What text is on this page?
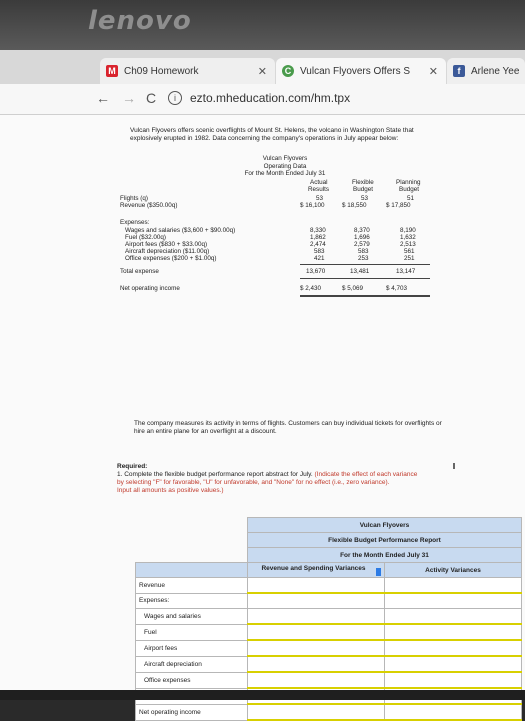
lenovo
M Ch09 Homework	✕	C Vulcan Flyovers Offers S ✕	f	Arlene Yee
← → C	i	ezto.mheducation.com/hm.tpx
Vulcan Flyovers offers scenic overflights of Mount St. Helens, the volcano in Washington State that
explosively erupted in 1982. Data concerning the company's operations in July appear below:
Vulcan Flyovers
Operating Data
For the Month Ended July 31
Actual	Flexible	Planning
Results	Budget	Budget
Flights (q)	53	53	51
Revenue ($350.00q)	$ 16,100	$ 18,550	$ 17,850
Expenses:
Wages and salaries ($3,600 + $90.00q)	8,330	8,370	8,190
Fuel ($32.00q)	1,862	1,696	1,632
Airport fees ($830 + $33.00q)	2,474	2,579	2,513
Aircraft depreciation ($11.00q)	583	583	561
Office expenses ($200 + $1.00q)	421	253	251
Total expense	13,670	13,481	13,147
Net operating income	$ 2,430	$ 5,069	$ 4,703
The company measures its activity in terms of flights. Customers can buy individual tickets for overflights or
hire an entire plane for an overflight at a discount.
Required:
1. Complete the flexible budget performance report abstract for July. (Indicate the effect of each variance
by selecting "F" for favorable, "U" for unfavorable, and "None" for no effect (i.e., zero variance).
Input all amounts as positive values.)
	Vulcan Flyovers	
	Flexible Budget Performance Report	
	For the Month Ended July 31	
	Revenue and Spending Variances	Activity Variances
Revenue		
Expenses:		
Wages and salaries		
Fuel		
Airport fees		
Aircraft depreciation		
Office expenses		

Net operating income		
